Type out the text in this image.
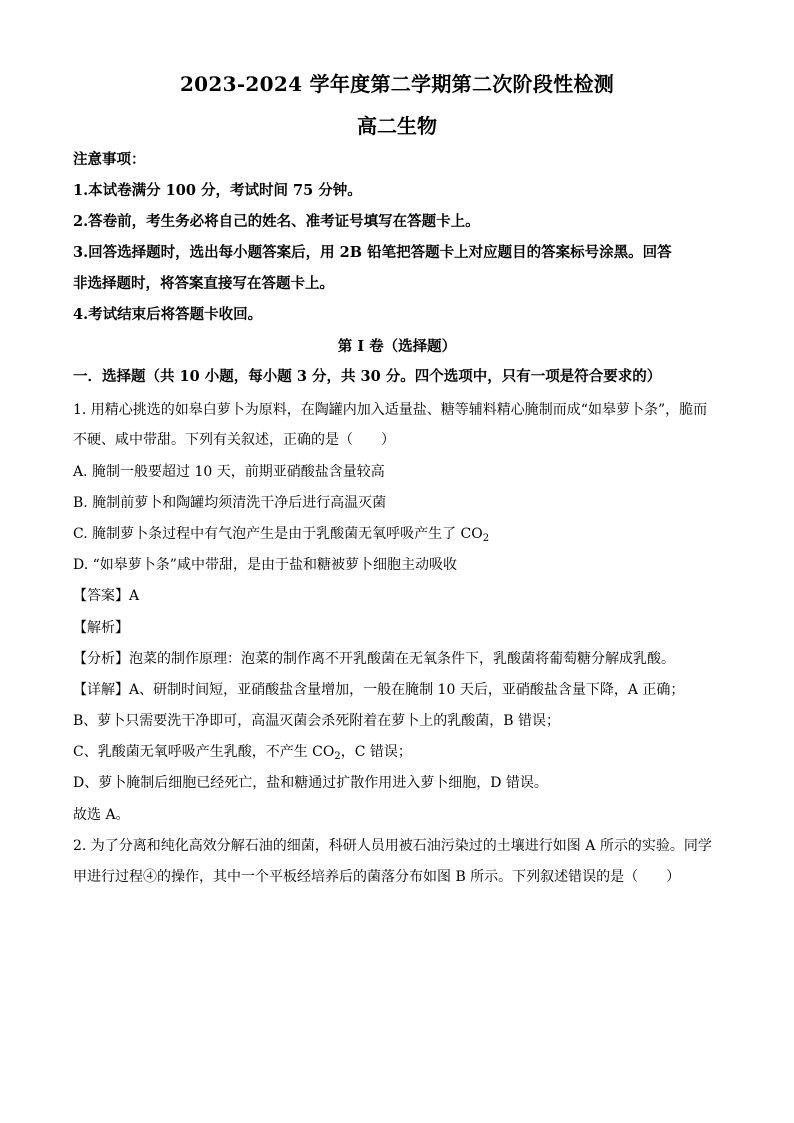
2023-2024 学年度第二学期第二次阶段性检测
高二生物
注意事项：
1.本试卷满分 100 分，考试时间 75 分钟。
2.答卷前，考生务必将自己的姓名、准考证号填写在答题卡上。
3.回答选择题时，选出每小题答案后，用 2B 铅笔把答题卡上对应题目的答案标号涂黑。回答
非选择题时，将答案直接写在答题卡上。
4.考试结束后将答题卡收回。
第 I 卷（选择题）
一．选择题（共 10 小题，每小题 3 分，共 30 分。四个选项中，只有一项是符合要求的）
1. 用精心挑选的如皋白萝卜为原料，在陶罐内加入适量盐、糖等辅料精心腌制而成“如皋萝卜条”，脆而
不硬、咸中带甜。下列有关叙述，正确的是（　　）
A. 腌制一般要超过 10 天，前期亚硝酸盐含量较高
B. 腌制前萝卜和陶罐均须清洗干净后进行高温灭菌
C. 腌制萝卜条过程中有气泡产生是由于乳酸菌无氧呼吸产生了 $CO_2$
D. “如皋萝卜条”咸中带甜，是由于盐和糖被萝卜细胞主动吸收
【答案】A
【解析】
【分析】泡菜的制作原理：泡菜的制作离不开乳酸菌在无氧条件下，乳酸菌将葡萄糖分解成乳酸。
【详解】A、研制时间短，亚硝酸盐含量增加，一般在腌制 10 天后，亚硝酸盐含量下降，A 正确；
B、萝卜只需要洗干净即可，高温灭菌会杀死附着在萝卜上的乳酸菌，B 错误；
C、乳酸菌无氧呼吸产生乳酸，不产生 $CO_2$，C 错误；
D、萝卜腌制后细胞已经死亡，盐和糖通过扩散作用进入萝卜细胞，D 错误。
故选 A。
2. 为了分离和纯化高效分解石油的细菌，科研人员用被石油污染过的土壤进行如图 A 所示的实验。同学
甲进行过程④的操作，其中一个平板经培养后的菌落分布如图 B 所示。下列叙述错误的是（　　）
